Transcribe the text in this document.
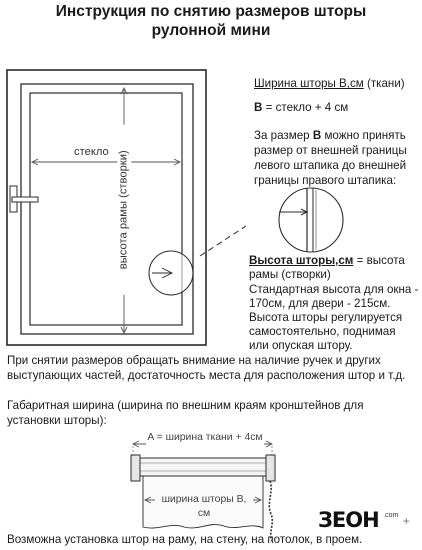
Инструкция по снятию размеров шторы
рулонной мини
стекло высота рамы (створки)
Ширина шторы B,см (ткани)
B = стекло + 4 см
За размер B можно принять
размер от внешней границы
левого штапика до внешней
границы правого штапика:
Высота шторы,см = высота
рамы (створки)
Стандартная высота для окна -
170см, для двери - 215см.
Высота шторы регулируется
самостоятельно, поднимая
или опуская штору.
При снятии размеров обращать внимание на наличие ручек и других
выступающих частей, достаточность места для расположения штор и т.д.
Габаритная ширина (ширина по внешним краям кронштейнов для
установки шторы):
A = ширина ткани + 4см
ширина шторы В, см	ЗEOH $^{.com}$ +
Возможна установка штор на раму, на стену, на потолок, в проем.
